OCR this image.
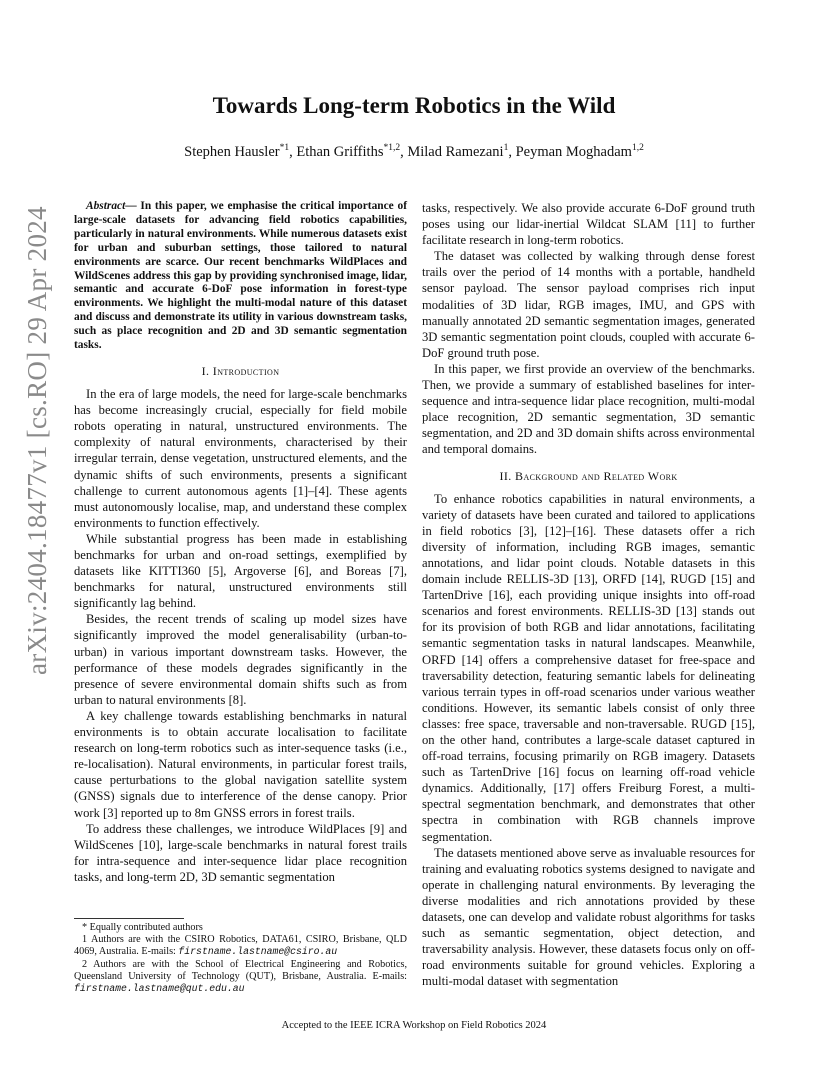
arXiv:2404.18477v1 [cs.RO] 29 Apr 2024
Towards Long-term Robotics in the Wild
Stephen Hausler$^{*1}$, Ethan Griffiths$^{*1,2}$, Milad Ramezani$^1$, Peyman Moghadam$^{1,2}$

Abstract— In this paper, we emphasise the critical importance of large-scale datasets for advancing field robotics capabilities, particularly in natural environments. While numerous datasets exist for urban and suburban settings, those tailored to natural environments are scarce. Our recent benchmarks WildPlaces and WildScenes address this gap by providing synchronised image, lidar, semantic and accurate 6-DoF pose information in forest-type environments. We highlight the multi-modal nature of this dataset and discuss and demonstrate its utility in various downstream tasks, such as place recognition and 2D and 3D semantic segmentation tasks.

I. Introduction

In the era of large models, the need for large-scale benchmarks has become increasingly crucial, especially for field mobile robots operating in natural, unstructured environments. The complexity of natural environments, characterised by their irregular terrain, dense vegetation, unstructured elements, and the dynamic shifts of such environments, presents a significant challenge to current autonomous agents [1]–[4]. These agents must autonomously localise, map, and understand these complex environments to function effectively.

While substantial progress has been made in establishing benchmarks for urban and on-road settings, exemplified by datasets like KITTI360 [5], Argoverse [6], and Boreas [7], benchmarks for natural, unstructured environments still significantly lag behind.

Besides, the recent trends of scaling up model sizes have significantly improved the model generalisability (urban-to-urban) in various important downstream tasks. However, the performance of these models degrades significantly in the presence of severe environmental domain shifts such as from urban to natural environments [8].

A key challenge towards establishing benchmarks in natural environments is to obtain accurate localisation to facilitate research on long-term robotics such as inter-sequence tasks (i.e., re-localisation). Natural environments, in particular forest trails, cause perturbations to the global navigation satellite system (GNSS) signals due to interference of the dense canopy. Prior work [3] reported up to 8m GNSS errors in forest trails.

To address these challenges, we introduce WildPlaces [9] and WildScenes [10], large-scale benchmarks in natural forest trails for intra-sequence and inter-sequence lidar place recognition tasks, and long-term 2D, 3D semantic segmentation

* Equally contributed authors

1 Authors are with the CSIRO Robotics, DATA61, CSIRO, Brisbane, QLD 4069, Australia. E-mails: firstname.lastname@csiro.au

2 Authors are with the School of Electrical Engineering and Robotics, Queensland University of Technology (QUT), Brisbane, Australia. E-mails: firstname.lastname@qut.edu.au

tasks, respectively. We also provide accurate 6-DoF ground truth poses using our lidar-inertial Wildcat SLAM [11] to further facilitate research in long-term robotics.

The dataset was collected by walking through dense forest trails over the period of 14 months with a portable, handheld sensor payload. The sensor payload comprises rich input modalities of 3D lidar, RGB images, IMU, and GPS with manually annotated 2D semantic segmentation images, generated 3D semantic segmentation point clouds, coupled with accurate 6-DoF ground truth pose.

In this paper, we first provide an overview of the benchmarks. Then, we provide a summary of established baselines for inter-sequence and intra-sequence lidar place recognition, multi-modal place recognition, 2D semantic segmentation, 3D semantic segmentation, and 2D and 3D domain shifts across environmental and temporal domains.

II. Background and Related Work

To enhance robotics capabilities in natural environments, a variety of datasets have been curated and tailored to applications in field robotics [3], [12]–[16]. These datasets offer a rich diversity of information, including RGB images, semantic annotations, and lidar point clouds. Notable datasets in this domain include RELLIS-3D [13], ORFD [14], RUGD [15] and TartenDrive [16], each providing unique insights into off-road scenarios and forest environments. RELLIS-3D [13] stands out for its provision of both RGB and lidar annotations, facilitating semantic segmentation tasks in natural landscapes. Meanwhile, ORFD [14] offers a comprehensive dataset for free-space and traversability detection, featuring semantic labels for delineating various terrain types in off-road scenarios under various weather conditions. However, its semantic labels consist of only three classes: free space, traversable and non-traversable. RUGD [15], on the other hand, contributes a large-scale dataset captured in off-road terrains, focusing primarily on RGB imagery. Datasets such as TartenDrive [16] focus on learning off-road vehicle dynamics. Additionally, [17] offers Freiburg Forest, a multi-spectral segmentation benchmark, and demonstrates that other spectra in combination with RGB channels improve segmentation.

The datasets mentioned above serve as invaluable resources for training and evaluating robotics systems designed to navigate and operate in challenging natural environments. By leveraging the diverse modalities and rich annotations provided by these datasets, one can develop and validate robust algorithms for tasks such as semantic segmentation, object detection, and traversability analysis. However, these datasets focus only on off-road environments suitable for ground vehicles. Exploring a multi-modal dataset with segmentation

Accepted to the IEEE ICRA Workshop on Field Robotics 2024
